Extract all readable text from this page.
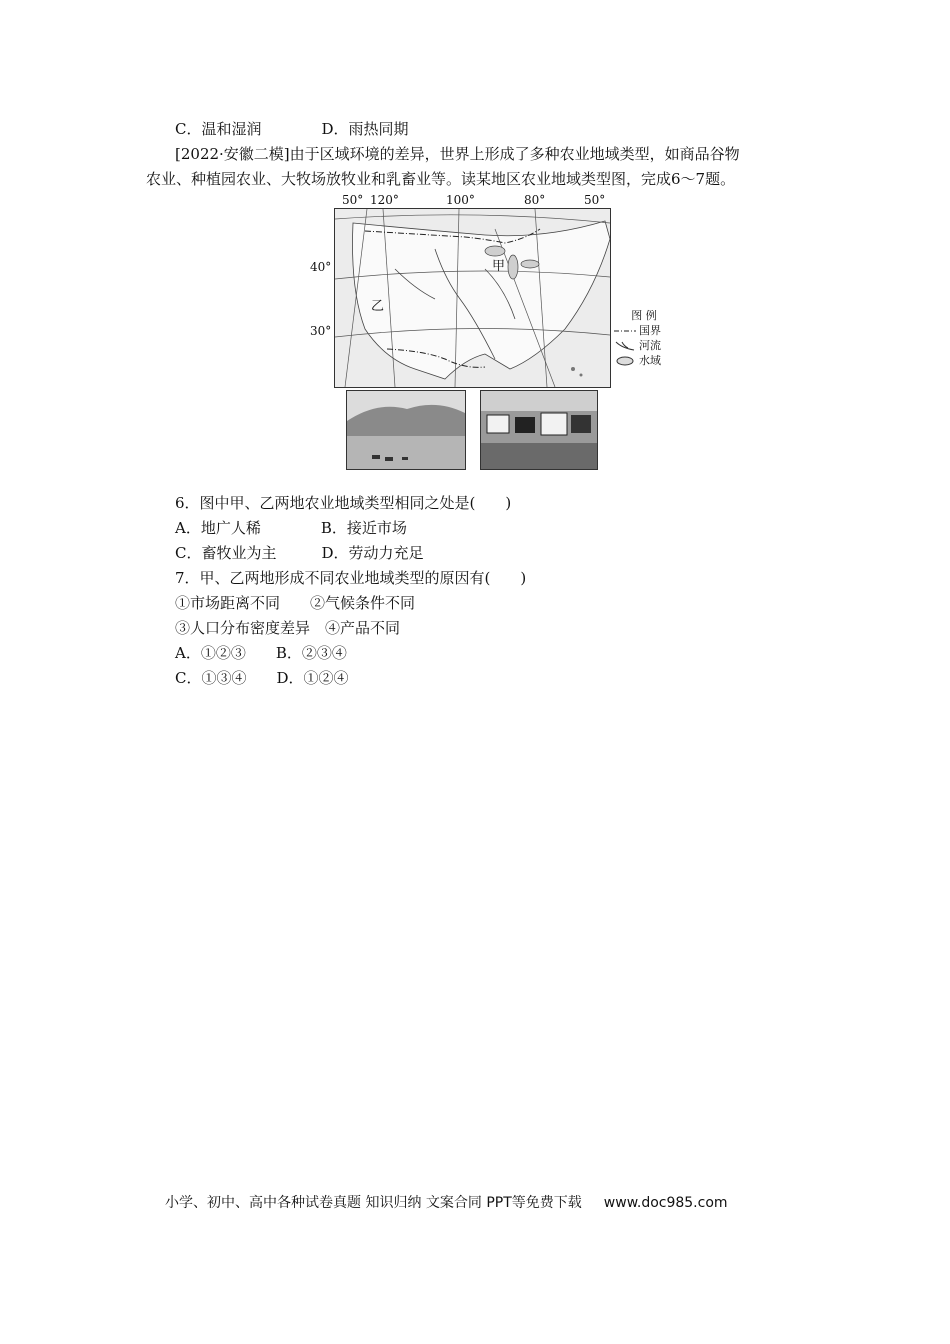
C．温和湿润　　　　D．雨热同期
[2022·安徽二模]由于区域环境的差异，世界上形成了多种农业地域类型，如商品谷物
农业、种植园农业、大牧场放牧业和乳畜业等。读某地区农业地域类型图，完成6～7题。
50° 120°	100°	80°	50°
甲
乙
40°
30°
图 例
国界
河流
水域
6．图中甲、乙两地农业地域类型相同之处是(　　)
A．地广人稀　　　　B．接近市场
C．畜牧业为主　　　D．劳动力充足
7．甲、乙两地形成不同农业地域类型的原因有(　　)
①市场距离不同　　②气候条件不同
③人口分布密度差异　④产品不同
A．①②③　　B．②③④
C．①③④　　D．①②④
小学、初中、高中各种试卷真题 知识归纳 文案合同 PPT等免费下载 www.doc985.com
